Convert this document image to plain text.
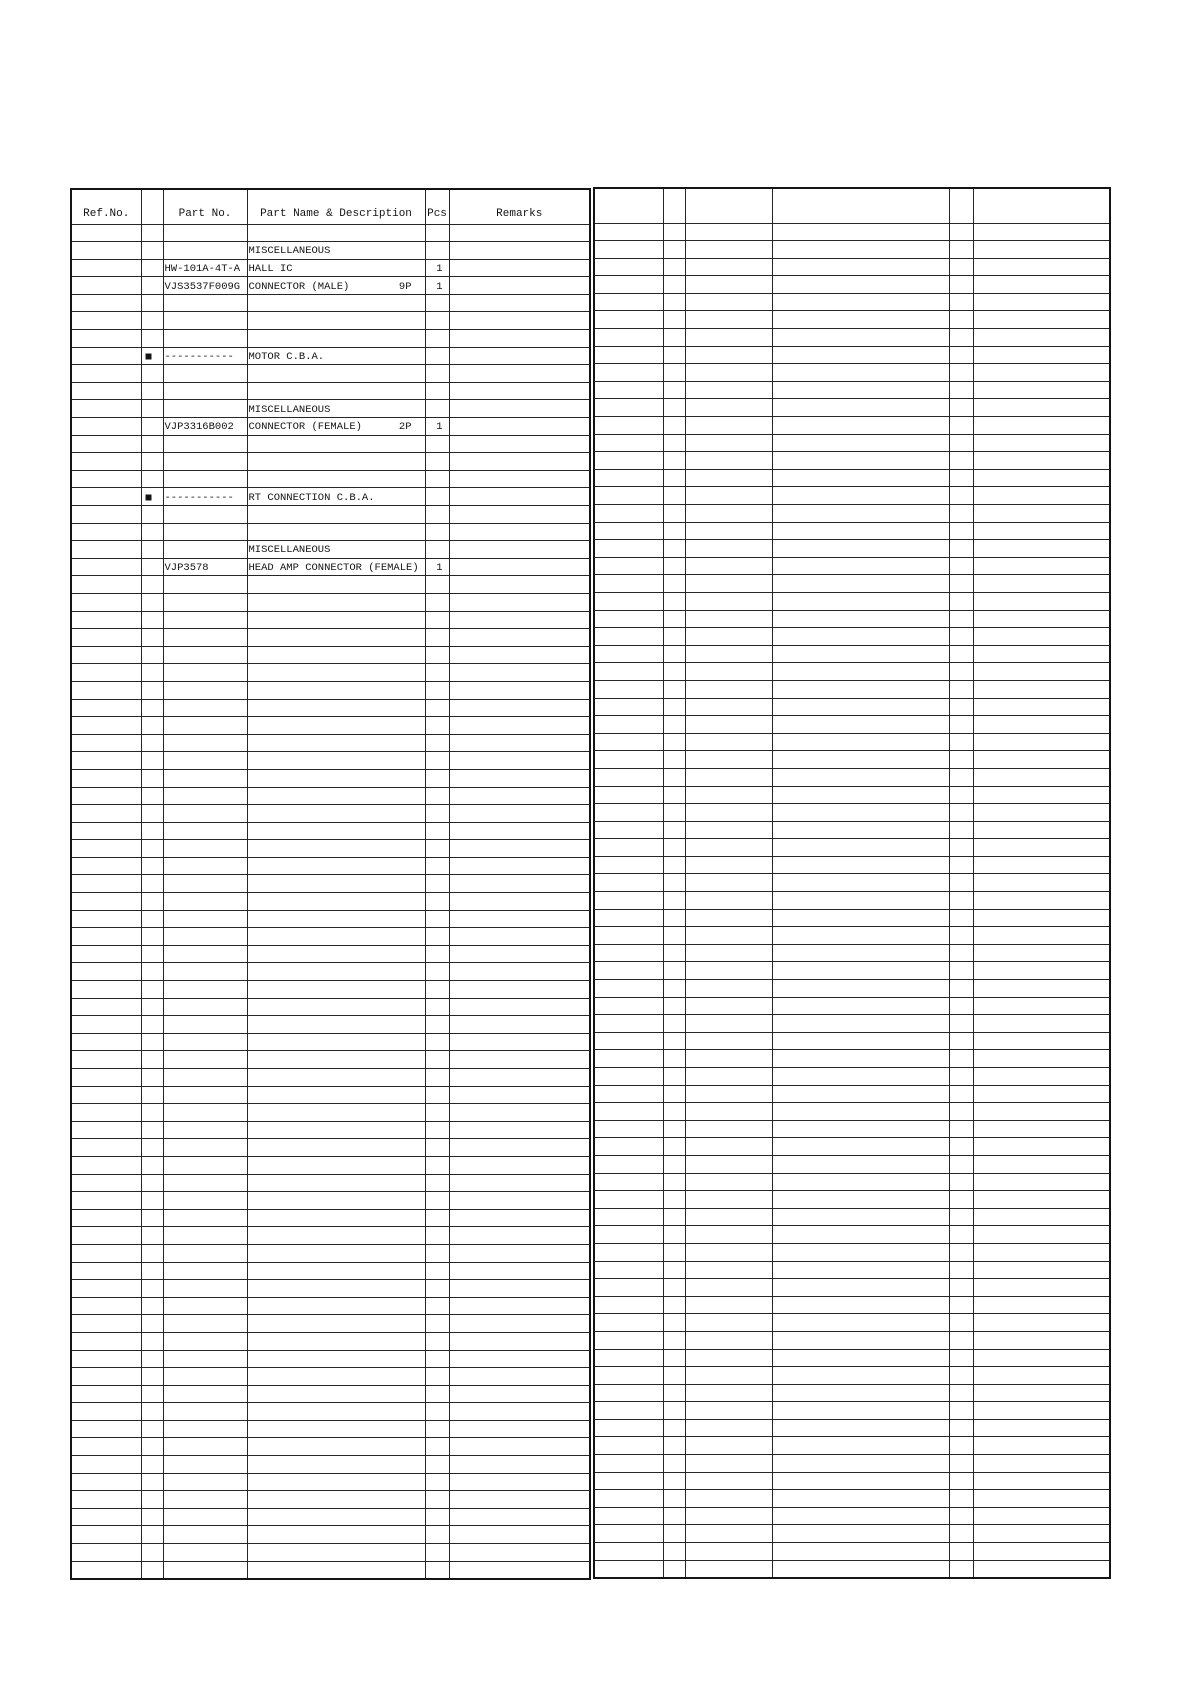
Ref.No.		Part No.	Part Name & Description	Pcs	Remarks

			MISCELLANEOUS		

		HW-101A-4T-A	HALL IC	1	
		VJS3537F009G	CONNECTOR (MALE) 9P	1	

	■	-----------	MOTOR C.B.A.		

			MISCELLANEOUS		

		VJP3316B002	CONNECTOR (FEMALE) 2P	1	

	■	-----------	RT CONNECTION C.B.A.		

			MISCELLANEOUS		

		VJP3578	HEAD AMP CONNECTOR (FEMALE)	1	
